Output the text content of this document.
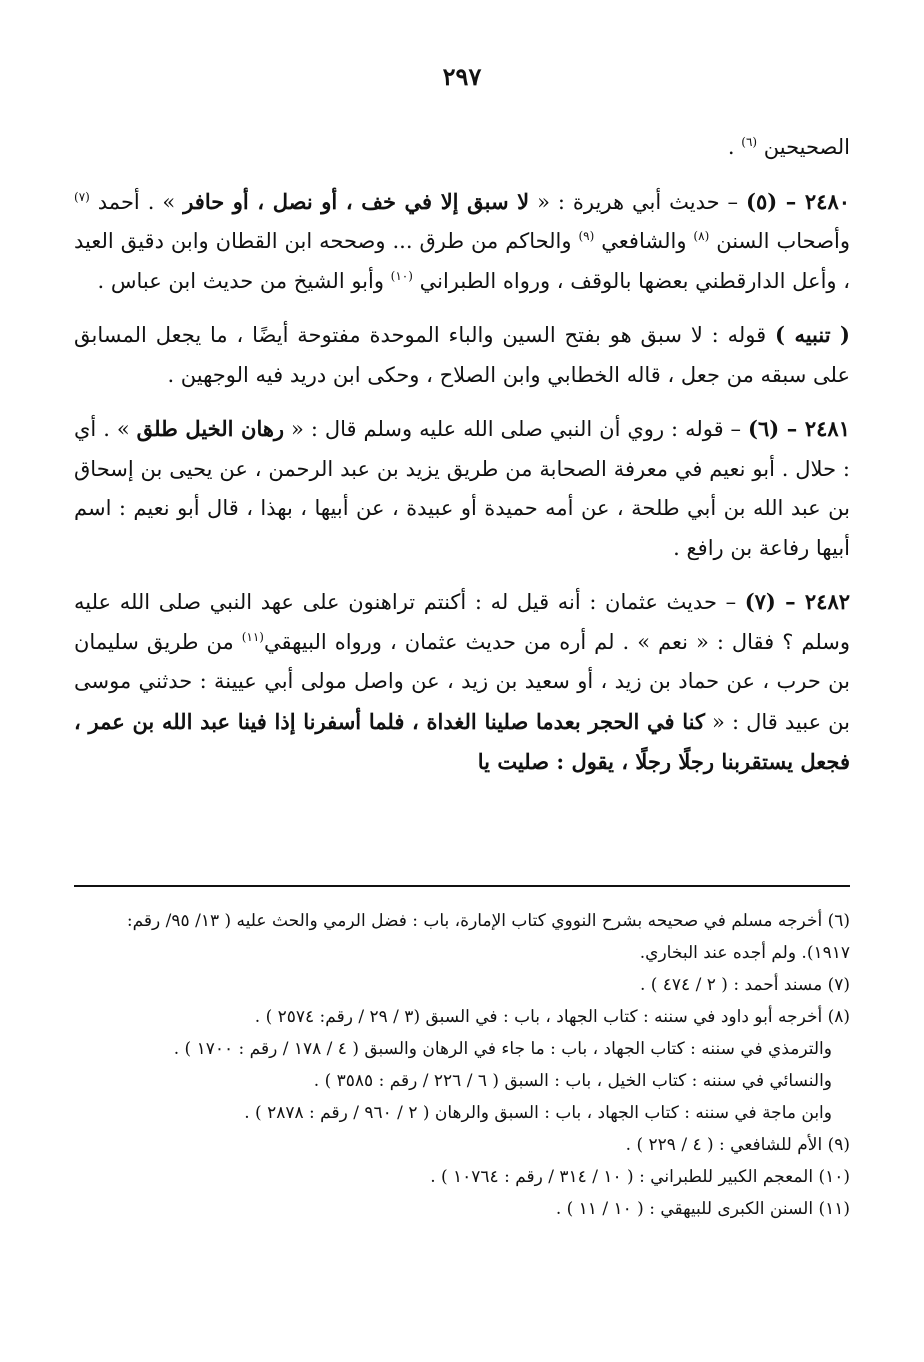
٢٩٧

الصحيحين $^{(٦)}$ .

٢٤٨٠ – (٥) – حديث أبي هريرة : « لا سبق إلا في خف ، أو نصل ، أو حافر » . أحمد $^{(٧)}$ وأصحاب السنن $^{(٨)}$ والشافعي $^{(٩)}$ والحاكم من طرق ... وصححه ابن القطان وابن دقيق العيد ، وأعل الدارقطني بعضها بالوقف ، ورواه الطبراني $^{(١٠)}$ وأبو الشيخ من حديث ابن عباس .

( تنبيه ) قوله : لا سبق هو بفتح السين والباء الموحدة مفتوحة أيضًا ، ما يجعل المسابق على سبقه من جعل ، قاله الخطابي وابن الصلاح ، وحكى ابن دريد فيه الوجهين .

٢٤٨١ – (٦) – قوله : روي أن النبي صلى الله عليه وسلم قال : « رهان الخيل طلق » . أي : حلال . أبو نعيم في معرفة الصحابة من طريق يزيد بن عبد الرحمن ، عن يحيى بن إسحاق بن عبد الله بن أبي طلحة ، عن أمه حميدة أو عبيدة ، عن أبيها ، بهذا ، قال أبو نعيم : اسم أبيها رفاعة بن رافع .

٢٤٨٢ – (٧) – حديث عثمان : أنه قيل له : أكنتم تراهنون على عهد النبي صلى الله عليه وسلم ؟ فقال : « نعم » . لم أره من حديث عثمان ، ورواه البيهقي$^{(١١)}$ من طريق سليمان بن حرب ، عن حماد بن زيد ، أو سعيد بن زيد ، عن واصل مولى أبي عيينة : حدثني موسى بن عبيد قال : « كنا في الحجر بعدما صلينا الغداة ، فلما أسفرنا إذا فينا عبد الله بن عمر ، فجعل يستقربنا رجلًا رجلًا ، يقول : صليت يا

(٦) أخرجه مسلم في صحيحه بشرح النووي كتاب الإمارة، باب : فضل الرمي والحث عليه ( ١٣/ ٩٥/ رقم: ١٩١٧). ولم أجده عند البخاري.

(٧) مسند أحمد : ( ٢ / ٤٧٤ ) .

(٨) أخرجه أبو داود في سننه : كتاب الجهاد ، باب : في السبق (٣ / ٢٩ / رقم: ٢٥٧٤ ) .

والترمذي في سننه : كتاب الجهاد ، باب : ما جاء في الرهان والسبق ( ٤ / ١٧٨ / رقم : ١٧٠٠ ) .

والنسائي في سننه : كتاب الخيل ، باب : السبق ( ٦ / ٢٢٦ / رقم : ٣٥٨٥ ) .

وابن ماجة في سننه : كتاب الجهاد ، باب : السبق والرهان ( ٢ / ٩٦٠ / رقم : ٢٨٧٨ ) .

(٩) الأم للشافعي : ( ٤ / ٢٢٩ ) .

(١٠) المعجم الكبير للطبراني : ( ١٠ / ٣١٤ / رقم : ١٠٧٦٤ ) .

(١١) السنن الكبرى للبيهقي : ( ١٠ / ١١ ) .
